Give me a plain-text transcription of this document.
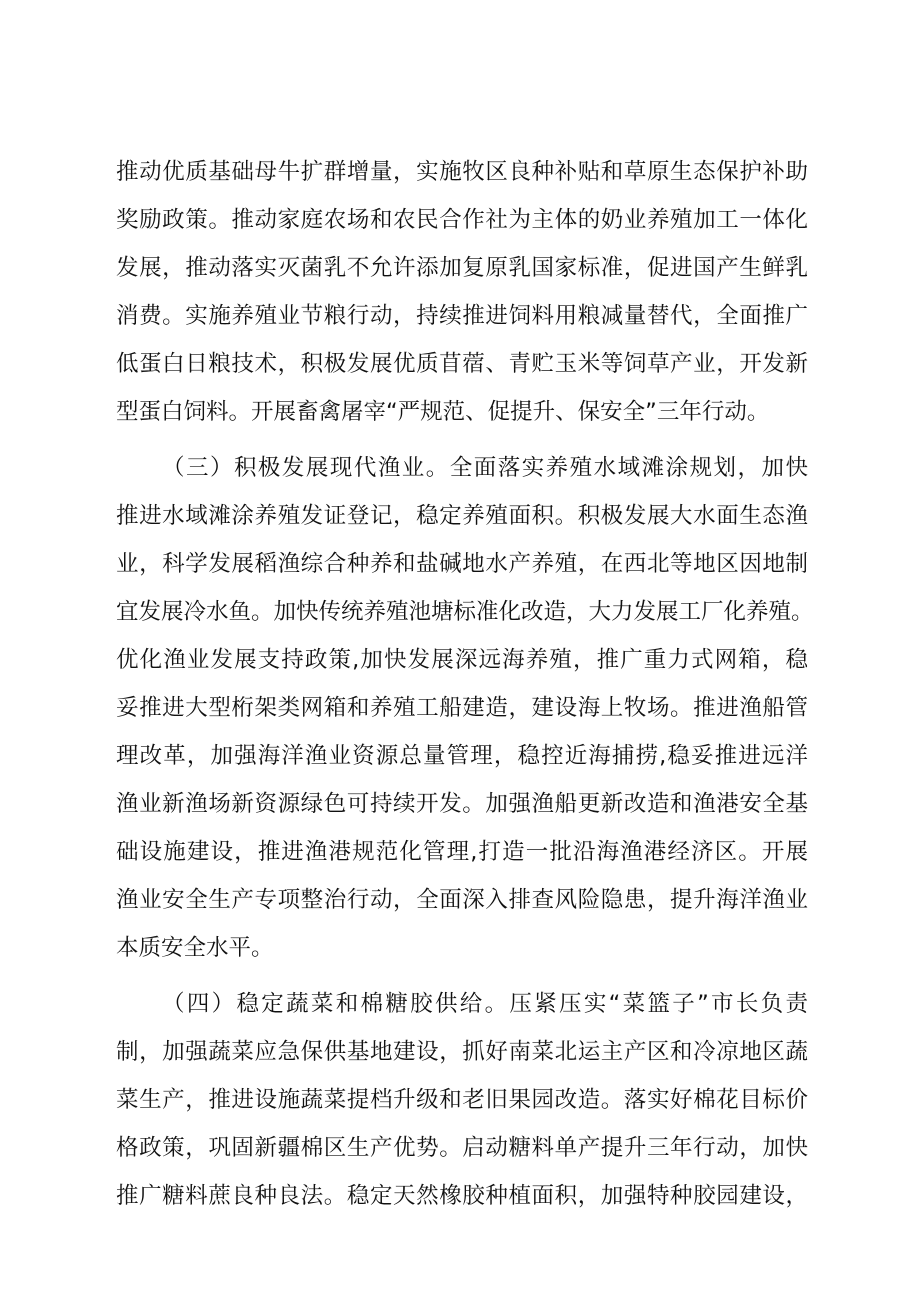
推动优质基础母牛扩群增量，实施牧区良种补贴和草原生态保护补助
奖励政策。推动家庭农场和农民合作社为主体的奶业养殖加工一体化
发展，推动落实灭菌乳不允许添加复原乳国家标准，促进国产生鲜乳
消费。实施养殖业节粮行动，持续推进饲料用粮减量替代，全面推广
低蛋白日粮技术，积极发展优质苜蓿、青贮玉米等饲草产业，开发新
型蛋白饲料。开展畜禽屠宰“严规范、促提升、保安全”三年行动。
（三）积极发展现代渔业。全面落实养殖水域滩涂规划，加快
推进水域滩涂养殖发证登记，稳定养殖面积。积极发展大水面生态渔
业，科学发展稻渔综合种养和盐碱地水产养殖，在西北等地区因地制
宜发展冷水鱼。加快传统养殖池塘标准化改造，大力发展工厂化养殖。
优化渔业发展支持政策,加快发展深远海养殖，推广重力式网箱，稳
妥推进大型桁架类网箱和养殖工船建造，建设海上牧场。推进渔船管
理改革，加强海洋渔业资源总量管理，稳控近海捕捞,稳妥推进远洋
渔业新渔场新资源绿色可持续开发。加强渔船更新改造和渔港安全基
础设施建设，推进渔港规范化管理,打造一批沿海渔港经济区。开展
渔业安全生产专项整治行动，全面深入排查风险隐患，提升海洋渔业
本质安全水平。
（四）稳定蔬菜和棉糖胶供给。压紧压实“菜篮子”市长负责
制，加强蔬菜应急保供基地建设，抓好南菜北运主产区和冷凉地区蔬
菜生产，推进设施蔬菜提档升级和老旧果园改造。落实好棉花目标价
格政策，巩固新疆棉区生产优势。启动糖料单产提升三年行动，加快
推广糖料蔗良种良法。稳定天然橡胶种植面积，加强特种胶园建设，
